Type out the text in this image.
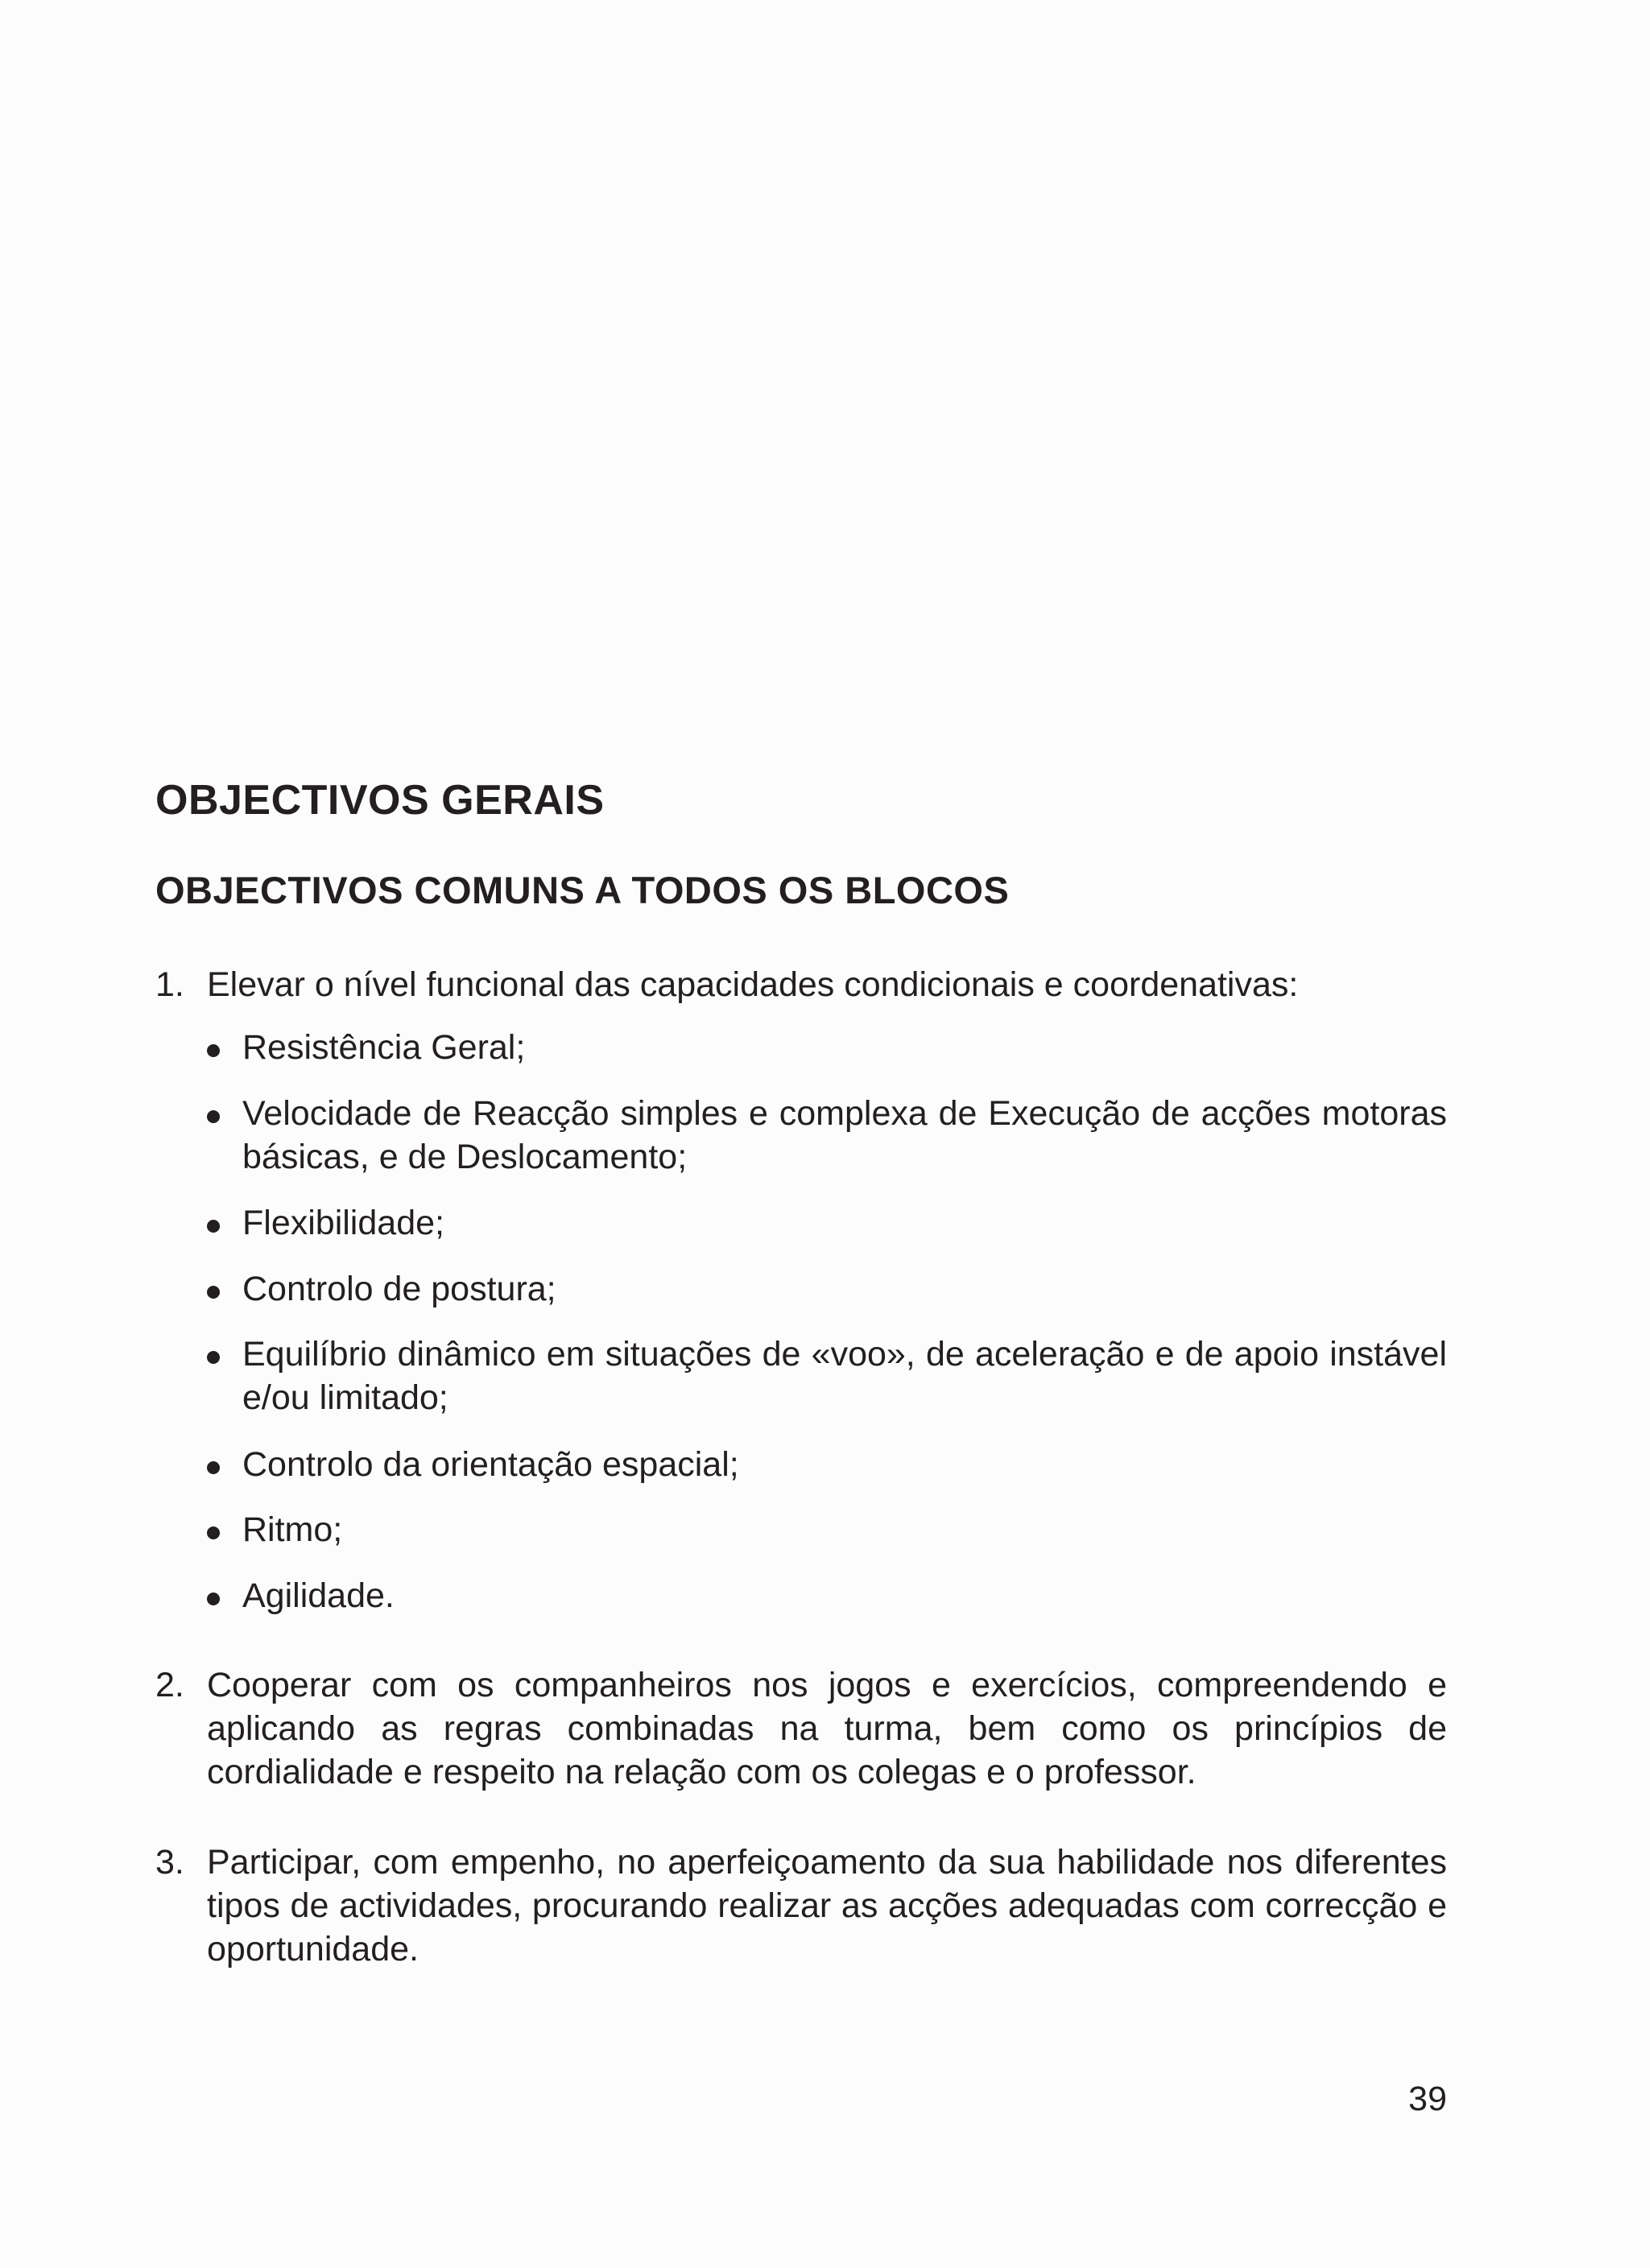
OBJECTIVOS GERAIS
OBJECTIVOS COMUNS A TODOS OS BLOCOS
1. Elevar o nível funcional das capacidades condicionais e coordenativas:
Resistência Geral;
Velocidade de Reacção simples e complexa de Execução de acções motoras básicas, e de Deslocamento;
Flexibilidade;
Controlo de postura;
Equilíbrio dinâmico em situações de «voo», de aceleração e de apoio instável e/ou limitado;
Controlo da orientação espacial;
Ritmo;
Agilidade.
2. Cooperar com os companheiros nos jogos e exercícios, compreendendo e aplicando as regras combinadas na turma, bem como os princípios de cordialidade e respeito na relação com os colegas e o professor.
3. Participar, com empenho, no aperfeiçoamento da sua habilidade nos diferentes tipos de actividades, procurando realizar as acções adequadas com correcção e oportunidade.
39
